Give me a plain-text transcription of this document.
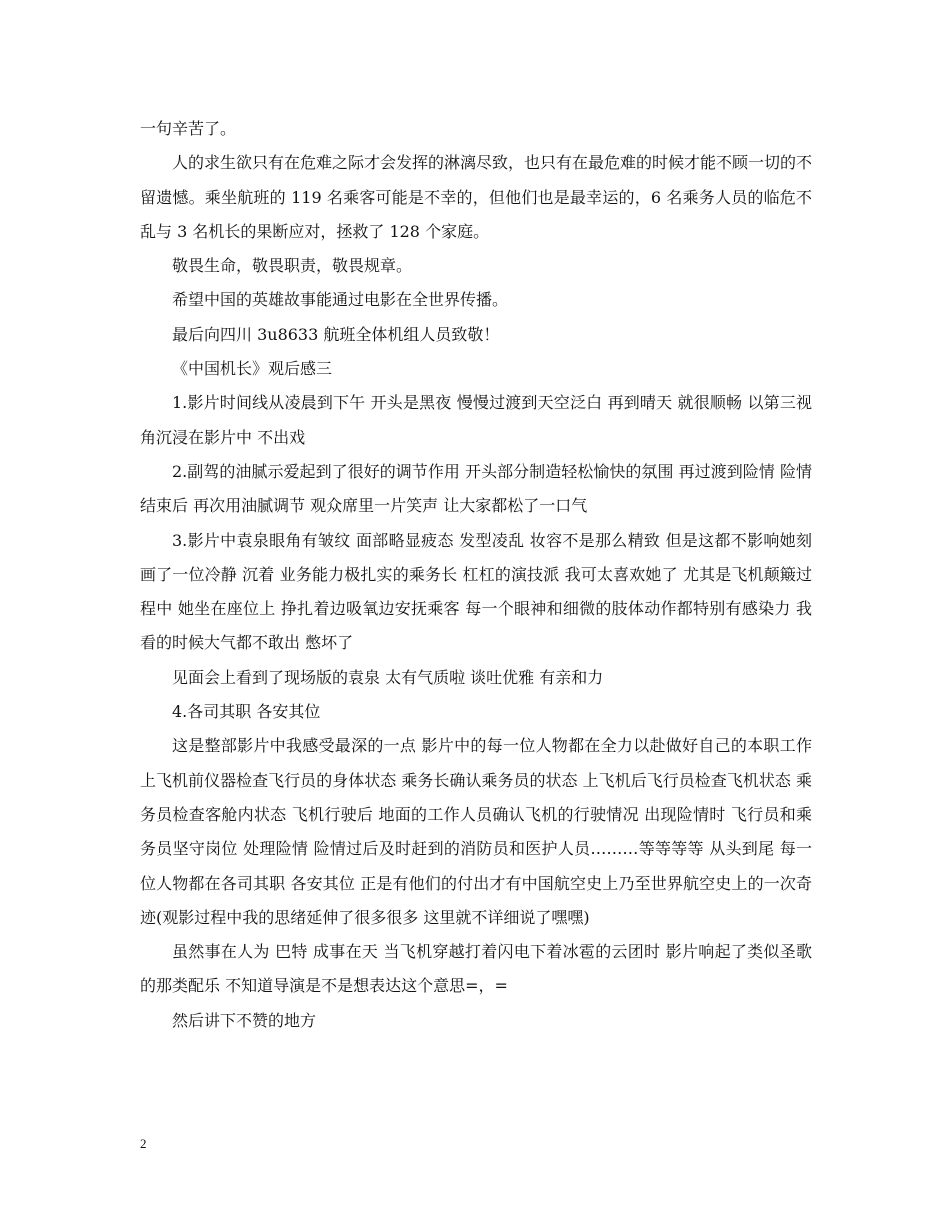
一句辛苦了。

人的求生欲只有在危难之际才会发挥的淋漓尽致，也只有在最危难的时候才能不顾一切的不留遗憾。乘坐航班的 119 名乘客可能是不幸的，但他们也是最幸运的，6 名乘务人员的临危不乱与 3 名机长的果断应对，拯救了 128 个家庭。

敬畏生命，敬畏职责，敬畏规章。

希望中国的英雄故事能通过电影在全世界传播。

最后向四川 3u8633 航班全体机组人员致敬！

《中国机长》观后感三

1.影片时间线从凌晨到下午 开头是黑夜 慢慢过渡到天空泛白 再到晴天 就很顺畅 以第三视角沉浸在影片中 不出戏

2.副驾的油腻示爱起到了很好的调节作用 开头部分制造轻松愉快的氛围 再过渡到险情 险情结束后 再次用油腻调节 观众席里一片笑声 让大家都松了一口气

3.影片中袁泉眼角有皱纹 面部略显疲态 发型凌乱 妆容不是那么精致 但是这都不影响她刻画了一位冷静 沉着 业务能力极扎实的乘务长 杠杠的演技派 我可太喜欢她了 尤其是飞机颠簸过程中 她坐在座位上 挣扎着边吸氧边安抚乘客 每一个眼神和细微的肢体动作都特别有感染力 我看的时候大气都不敢出 憋坏了

见面会上看到了现场版的袁泉 太有气质啦 谈吐优雅 有亲和力

4.各司其职 各安其位

这是整部影片中我感受最深的一点 影片中的每一位人物都在全力以赴做好自己的本职工作 上飞机前仪器检查飞行员的身体状态 乘务长确认乘务员的状态 上飞机后飞行员检查飞机状态 乘务员检查客舱内状态 飞机行驶后 地面的工作人员确认飞机的行驶情况 出现险情时 飞行员和乘务员坚守岗位 处理险情 险情过后及时赶到的消防员和医护人员………等等等等 从头到尾 每一位人物都在各司其职 各安其位 正是有他们的付出才有中国航空史上乃至世界航空史上的一次奇迹(观影过程中我的思绪延伸了很多很多 这里就不详细说了嘿嘿)

虽然事在人为 巴特 成事在天 当飞机穿越打着闪电下着冰雹的云团时 影片响起了类似圣歌的那类配乐 不知道导演是不是想表达这个意思=，=

然后讲下不赞的地方

2
